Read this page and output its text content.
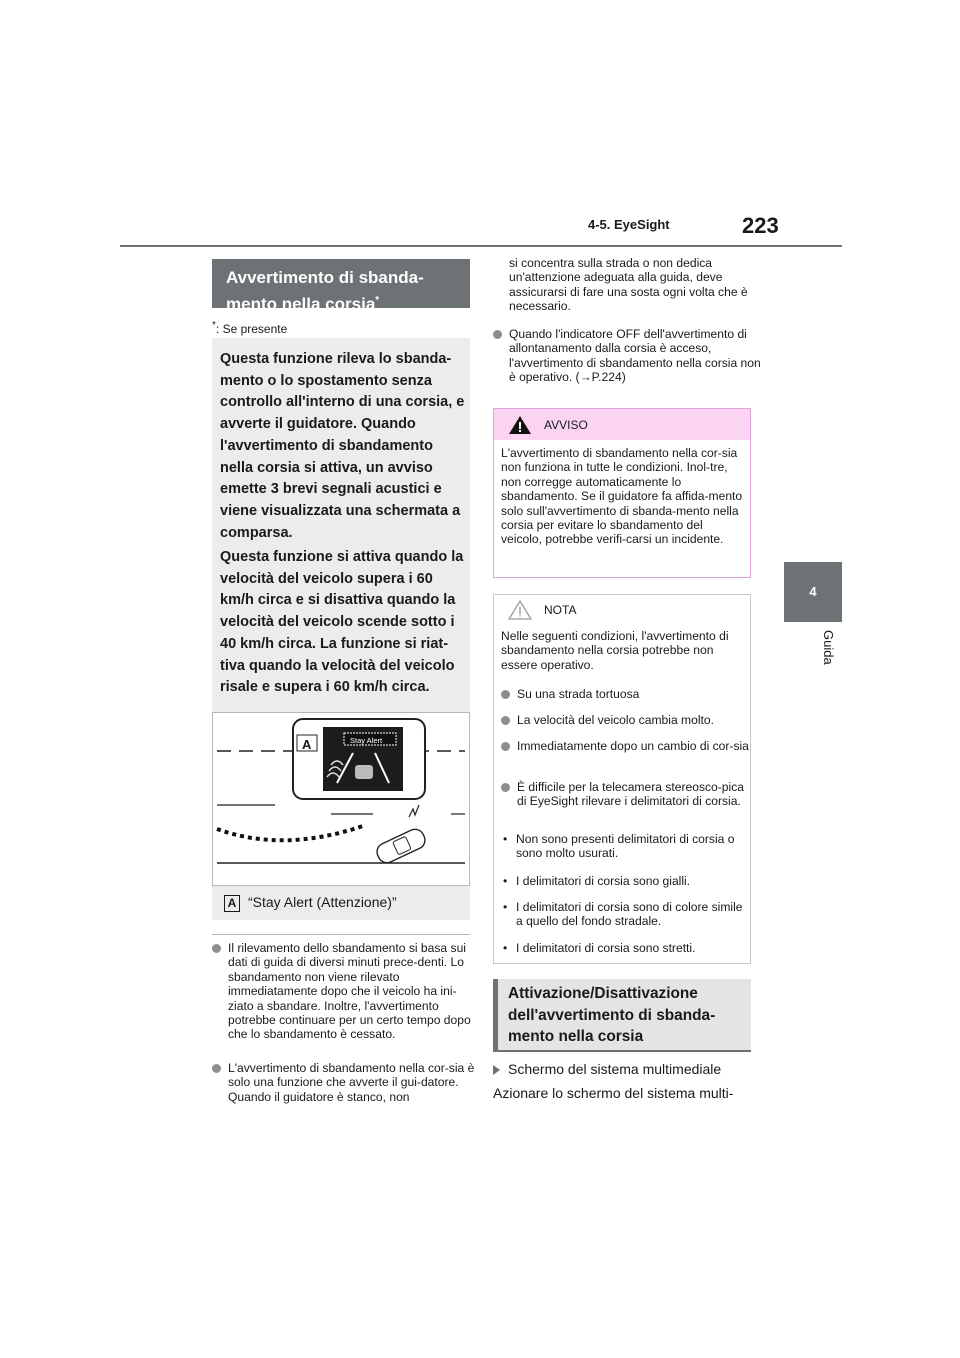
4-5. EyeSight	223
4
Guida
Avvertimento di sbanda-
mento nella corsia*
*: Se presente

Questa funzione rileva lo sbanda-mento o lo spostamento senza controllo all'interno di una corsia, e avverte il guidatore. Quando l'avvertimento di sbandamento nella corsia si attiva, un avviso emette 3 brevi segnali acustici e viene visualizzata una schermata a comparsa.

Questa funzione si attiva quando la velocità del veicolo supera i 60 km/h circa e si disattiva quando la velocità del veicolo scende sotto i 40 km/h circa. La funzione si riat-tiva quando la velocità del veicolo risale e supera i 60 km/h circa.

A	Stay Alert
A “Stay Alert (Attenzione)”
Il rilevamento dello sbandamento si basa sui dati di guida di diversi minuti prece-denti. Lo sbandamento non viene rilevato immediatamente dopo che il veicolo ha ini-ziato a sbandare. Inoltre, l'avvertimento potrebbe continuare per un certo tempo dopo che lo sbandamento è cessato.
L'avvertimento di sbandamento nella cor-sia è solo una funzione che avverte il gui-datore. Quando il guidatore è stanco, non
si concentra sulla strada o non dedica un'attenzione adeguata alla guida, deve assicurarsi di fare una sosta ogni volta che è necessario.
Quando l'indicatore OFF dell'avvertimento di allontanamento dalla corsia è acceso, l'avvertimento di sbandamento nella corsia non è operativo. (→P.224)
AVVISO
L'avvertimento di sbandamento nella cor-sia non funziona in tutte le condizioni. Inol-tre, non corregge automaticamente lo sbandamento. Se il guidatore fa affida-mento solo sull'avvertimento di sbanda-mento nella corsia per evitare lo sbandamento del veicolo, potrebbe verifi-carsi un incidente.
NOTA
Nelle seguenti condizioni, l'avvertimento di sbandamento nella corsia potrebbe non essere operativo.
Su una strada tortuosa
La velocità del veicolo cambia molto.
Immediatamente dopo un cambio di cor-sia
È difficile per la telecamera stereosco-pica di EyeSight rilevare i delimitatori di corsia.
• Non sono presenti delimitatori di corsia o sono molto usurati.
• I delimitatori di corsia sono gialli.
• I delimitatori di corsia sono di colore simile a quello del fondo stradale.
• I delimitatori di corsia sono stretti.
Attivazione/Disattivazione dell'avvertimento di sbanda-mento nella corsia
Schermo del sistema multimediale
Azionare lo schermo del sistema multi-
